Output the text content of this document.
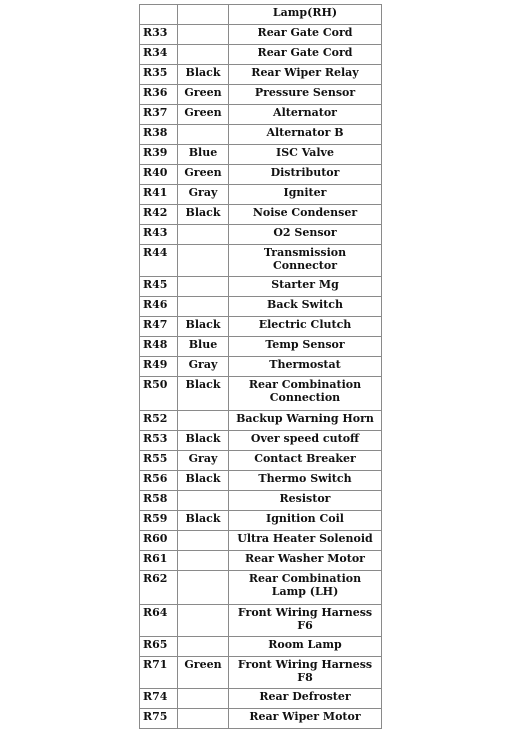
		Lamp(RH)
R33		Rear Gate Cord
R34		Rear Gate Cord
R35	Black	Rear Wiper Relay
R36	Green	Pressure Sensor
R37	Green	Alternator
R38		Alternator B
R39	Blue	ISC Valve
R40	Green	Distributor
R41	Gray	Igniter
R42	Black	Noise Condenser
R43		O2 Sensor
R44		Transmission Connector
R45		Starter Mg
R46		Back Switch
R47	Black	Electric Clutch
R48	Blue	Temp Sensor
R49	Gray	Thermostat
R50	Black	Rear Combination Connection
R52		Backup Warning Horn
R53	Black	Over speed cutoff
R55	Gray	Contact Breaker
R56	Black	Thermo Switch
R58		Resistor
R59	Black	Ignition Coil
R60		Ultra Heater Solenoid
R61		Rear Washer Motor
R62		Rear Combination Lamp (LH)
R64		Front Wiring Harness F6
R65		Room Lamp
R71	Green	Front Wiring Harness F8
R74		Rear Defroster
R75		Rear Wiper Motor
